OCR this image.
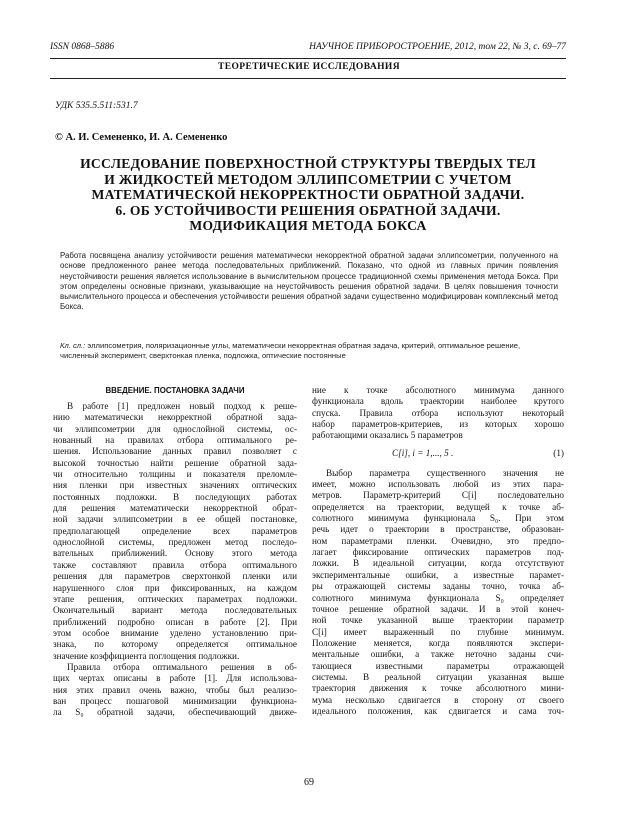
ISSN 0868–5886	НАУЧНОЕ ПРИБОРОСТРОЕНИЕ, 2012, том 22, № 3, с. 69–77
ТЕОРЕТИЧЕСКИЕ ИССЛЕДОВАНИЯ
УДК 535.5.511:531.7
© А. И. Семененко, И. А. Семененко
ИССЛЕДОВАНИЕ ПОВЕРХНОСТНОЙ СТРУКТУРЫ ТВЕРДЫХ ТЕЛ
И ЖИДКОСТЕЙ МЕТОДОМ ЭЛЛИПСОМЕТРИИ С УЧЕТОМ
МАТЕМАТИЧЕСКОЙ НЕКОРРЕКТНОСТИ ОБРАТНОЙ ЗАДАЧИ.
6. ОБ УСТОЙЧИВОСТИ РЕШЕНИЯ ОБРАТНОЙ ЗАДАЧИ.
МОДИФИКАЦИЯ МЕТОДА БОКСА
Работа посвящена анализу устойчивости решения математически некорректной обратной задачи эллипсометрии, полученного на основе предложенного ранее метода последовательных приближений. Показано, что одной из главных причин появления неустойчивости решения является использование в вычислительном процессе традиционной схемы применения метода Бокса. При этом определены основные признаки, указывающие на неустойчивость решения обратной задачи. В целях повышения точности вычислительного процесса и обеспечения устойчивости решения обратной задачи существенно модифицирован комплексный метод Бокса.
Кл. сл.: эллипсометрия, поляризационные углы, математически некорректная обратная задача, критерий, оптимальное решение, численный эксперимент, сверхтонкая пленка, подложка, оптические постоянные
ВВЕДЕНИЕ. ПОСТАНОВКА ЗАДАЧИ
В работе [1] предложен новый подход к реше-
нию математически некорректной обратной зада-
чи эллипсометрии для однослойной системы, ос-
нованный на правилах отбора оптимального ре-
шения. Использование данных правил позволяет с
высокой точностью найти решение обратной зада-
чи относительно толщины и показателя преломле-
ния пленки при известных значениях оптических
постоянных подложки. В последующих работах
для решения математически некорректной обрат-
ной задачи эллипсометрии в ее общей постановке,
предполагающей определение всех параметров
однослойной системы, предложен метод последо-
вательных приближений. Основу этого метода
также составляют правила отбора оптимального
решения для параметров сверхтонкой пленки или
нарушенного слоя при фиксированных, на каждом
этапе решения, оптических параметрах подложки.
Окончательный вариант метода последовательных
приближений подробно описан в работе [2]. При
этом особое внимание уделено установлению при-
знака, по которому определяется оптимальное
значение коэффициента поглощения подложки.
Правила отбора оптимального решения в об-
щих чертах описаны в работе [1]. Для использова-
ния этих правил очень важно, чтобы был реализо-
ван процесс пошаговой минимизации функциона-
ла S₀ обратной задачи, обеспечивающий движе-
ние к точке абсолютного минимума данного
функционала вдоль траектории наиболее крутого
спуска. Правила отбора используют некоторый
набор параметров-критериев, из которых хорошо
работающими оказались 5 параметров
C[i], i = 1,..., 5 .	(1)
Выбор параметра существенного значения не
имеет, можно использовать любой из этих пара-
метров. Параметр-критерий C[i] последовательно
определяется на траектории, ведущей к точке аб-
солютного минимума функционала S₀. При этом
речь идет о траектории в пространстве, образован-
ном параметрами пленки. Очевидно, это предпо-
лагает фиксирование оптических параметров под-
ложки. В идеальной ситуации, когда отсутствуют
экспериментальные ошибки, а известные парамет-
ры отражающей системы заданы точно, точка аб-
солютного минимума функционала S₀ определяет
точное решение обратной задачи. И в этой конеч-
ной точке указанной выше траектории параметр
C[i] имеет выраженный по глубине минимум.
Положение меняется, когда появляются экспери-
ментальные ошибки, а также неточно заданы счи-
тающиеся известными параметры отражающей
системы. В реальной ситуации указанная выше
траектория движения к точке абсолютного мини-
мума несколько сдвигается в сторону от своего
идеального положения, как сдвигается и сама точ-
69
